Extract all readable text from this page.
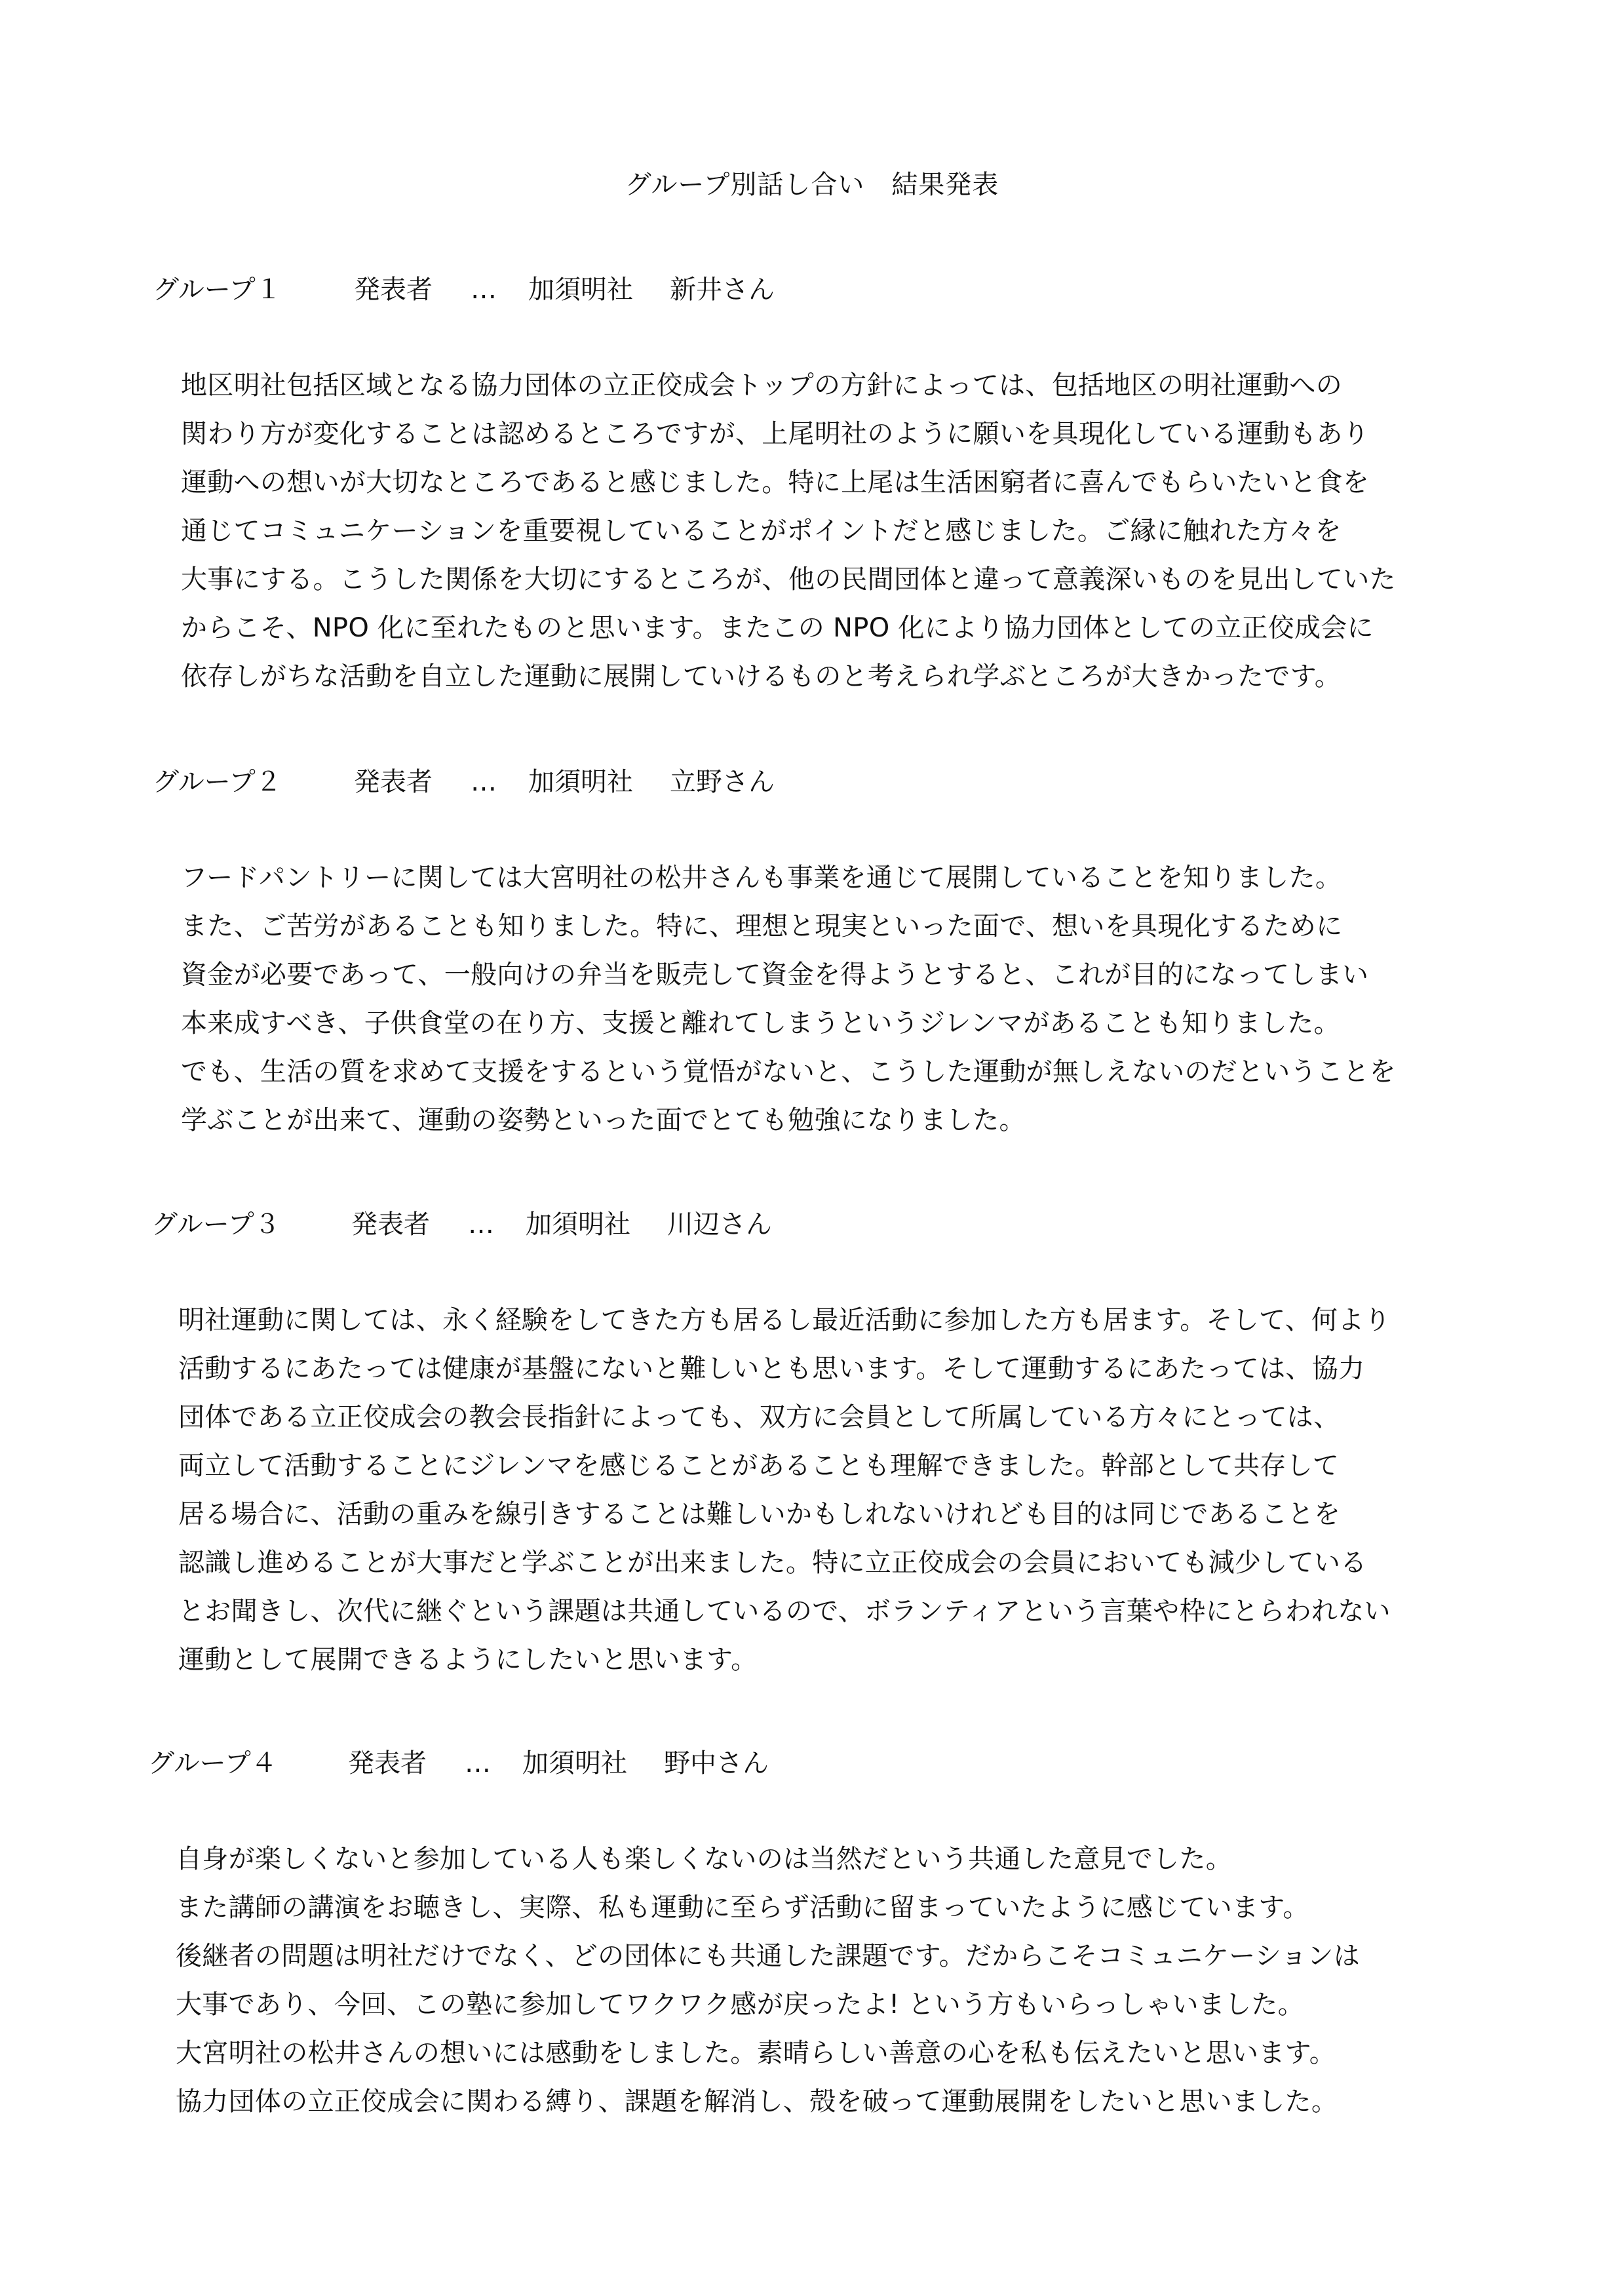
グループ別話し合い　結果発表
グループ１	発表者 … 加須明社 新井さん
地区明社包括区域となる協力団体の立正佼成会トップの方針によっては、包括地区の明社運動への
関わり方が変化することは認めるところですが、上尾明社のように願いを具現化している運動もあり
運動への想いが大切なところであると感じました。特に上尾は生活困窮者に喜んでもらいたいと食を
通じてコミュニケーションを重要視していることがポイントだと感じました。ご縁に触れた方々を
大事にする。こうした関係を大切にするところが、他の民間団体と違って意義深いものを見出していた
からこそ、NPO 化に至れたものと思います。またこの NPO 化により協力団体としての立正佼成会に
依存しがちな活動を自立した運動に展開していけるものと考えられ学ぶところが大きかったです。
グループ２	発表者 … 加須明社 立野さん
フードパントリーに関しては大宮明社の松井さんも事業を通じて展開していることを知りました。
また、ご苦労があることも知りました。特に、理想と現実といった面で、想いを具現化するために
資金が必要であって、一般向けの弁当を販売して資金を得ようとすると、これが目的になってしまい
本来成すべき、子供食堂の在り方、支援と離れてしまうというジレンマがあることも知りました。
でも、生活の質を求めて支援をするという覚悟がないと、こうした運動が無しえないのだということを
学ぶことが出来て、運動の姿勢といった面でとても勉強になりました。
グループ３	発表者 … 加須明社 川辺さん
明社運動に関しては、永く経験をしてきた方も居るし最近活動に参加した方も居ます。そして、何より
活動するにあたっては健康が基盤にないと難しいとも思います。そして運動するにあたっては、協力
団体である立正佼成会の教会長指針によっても、双方に会員として所属している方々にとっては、
両立して活動することにジレンマを感じることがあることも理解できました。幹部として共存して
居る場合に、活動の重みを線引きすることは難しいかもしれないけれども目的は同じであることを
認識し進めることが大事だと学ぶことが出来ました。特に立正佼成会の会員においても減少している
とお聞きし、次代に継ぐという課題は共通しているので、ボランティアという言葉や枠にとらわれない
運動として展開できるようにしたいと思います。
グループ４	発表者 … 加須明社 野中さん
自身が楽しくないと参加している人も楽しくないのは当然だという共通した意見でした。
また講師の講演をお聴きし、実際、私も運動に至らず活動に留まっていたように感じています。
後継者の問題は明社だけでなく、どの団体にも共通した課題です。だからこそコミュニケーションは
大事であり、今回、この塾に参加してワクワク感が戻ったよ! という方もいらっしゃいました。
大宮明社の松井さんの想いには感動をしました。素晴らしい善意の心を私も伝えたいと思います。
協力団体の立正佼成会に関わる縛り、課題を解消し、殻を破って運動展開をしたいと思いました。
